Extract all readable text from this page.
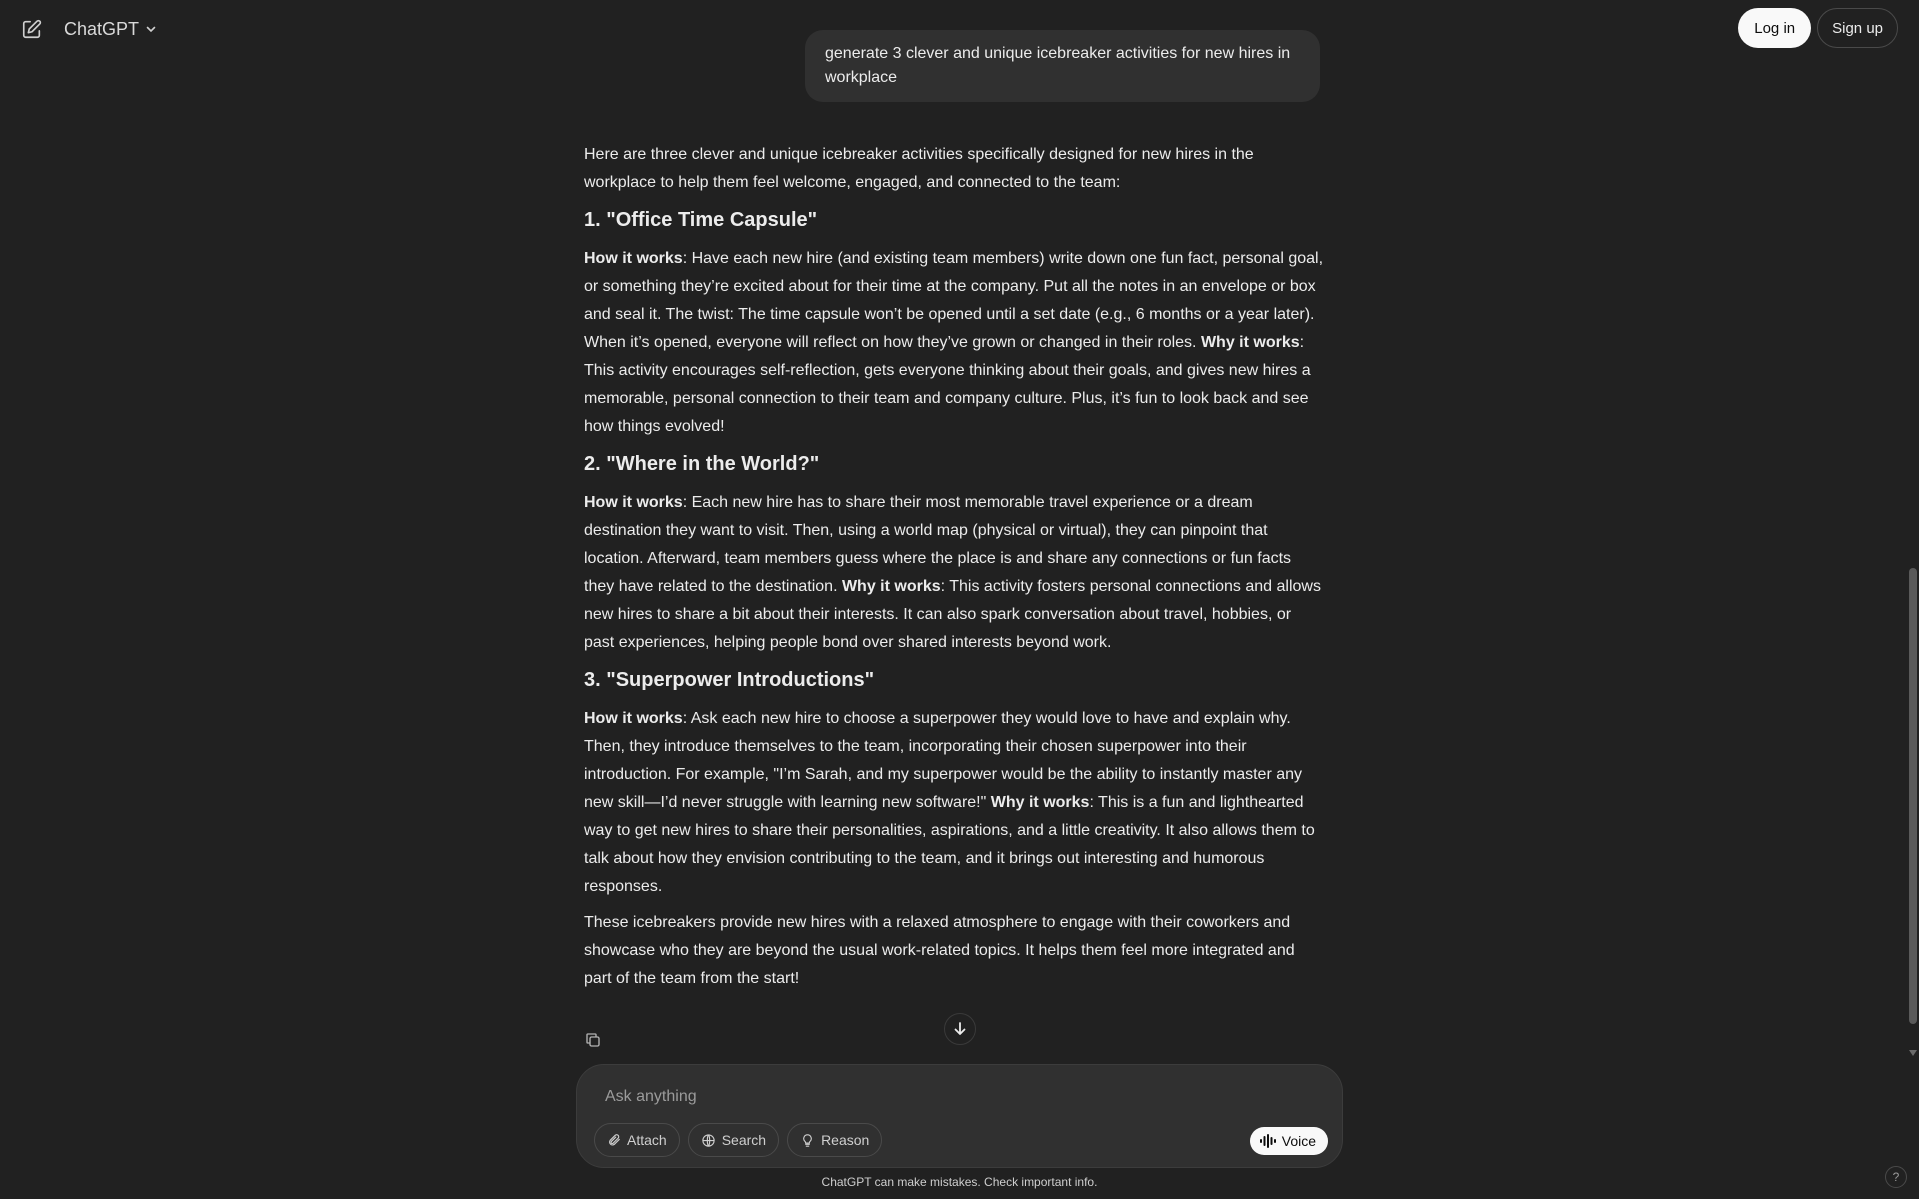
ChatGPT	Log in	Sign up
generate 3 clever and unique icebreaker activities for new hires in workplace

Here are three clever and unique icebreaker activities specifically designed for new hires in the workplace to help them feel welcome, engaged, and connected to the team:

1. "Office Time Capsule"

How it works: Have each new hire (and existing team members) write down one fun fact, personal goal, or something they’re excited about for their time at the company. Put all the notes in an envelope or box and seal it. The twist: The time capsule won’t be opened until a set date (e.g., 6 months or a year later). When it’s opened, everyone will reflect on how they’ve grown or changed in their roles. Why it works: This activity encourages self-reflection, gets everyone thinking about their goals, and gives new hires a memorable, personal connection to their team and company culture. Plus, it’s fun to look back and see how things evolved!

2. "Where in the World?"

How it works: Each new hire has to share their most memorable travel experience or a dream destination they want to visit. Then, using a world map (physical or virtual), they can pinpoint that location. Afterward, team members guess where the place is and share any connections or fun facts they have related to the destination. Why it works: This activity fosters personal connections and allows new hires to share a bit about their interests. It can also spark conversation about travel, hobbies, or past experiences, helping people bond over shared interests beyond work.

3. "Superpower Introductions"

How it works: Ask each new hire to choose a superpower they would love to have and explain why. Then, they introduce themselves to the team, incorporating their chosen superpower into their introduction. For example, "I’m Sarah, and my superpower would be the ability to instantly master any new skill—I’d never struggle with learning new software!" Why it works: This is a fun and lighthearted way to get new hires to share their personalities, aspirations, and a little creativity. It also allows them to talk about how they envision contributing to the team, and it brings out interesting and humorous responses.

These icebreakers provide new hires with a relaxed atmosphere to engage with their coworkers and showcase who they are beyond the usual work-related topics. It helps them feel more integrated and part of the team from the start!

Ask anything
Attach	Search	Reason	Voice
ChatGPT can make mistakes. Check important info.	?
